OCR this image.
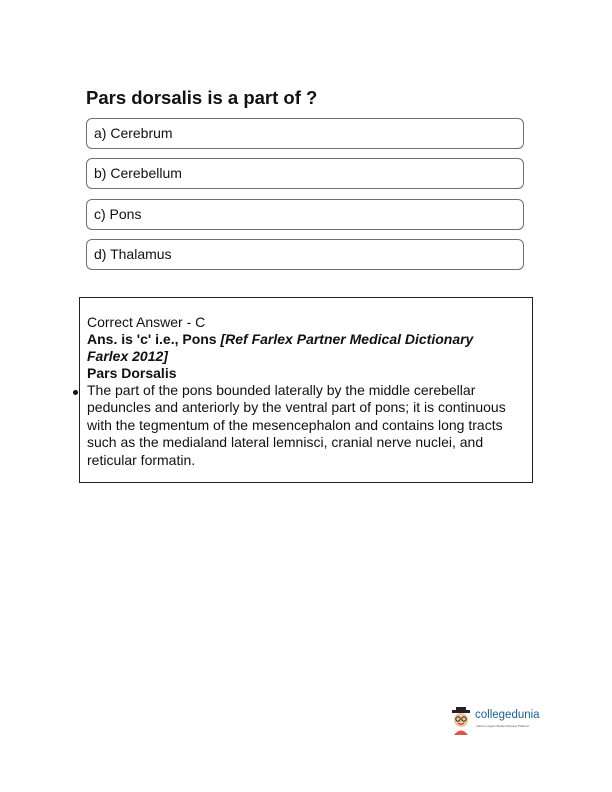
Pars dorsalis is a part of ?
a) Cerebrum
b) Cerebellum
c) Pons
d) Thalamus
Correct Answer - C
Ans. is 'c' i.e., Pons [Ref Farlex Partner Medical Dictionary
Farlex 2012]
Pars Dorsalis

The part of the pons bounded laterally by the middle cerebellar peduncles and anteriorly by the ventral part of pons; it is continuous with the tegmentum of the mesencephalon and contains long tracts such as the medialand lateral lemnisci, cranial nerve nuclei, and reticular formatin.

collegedunia
India's Largest Student Review Platform
